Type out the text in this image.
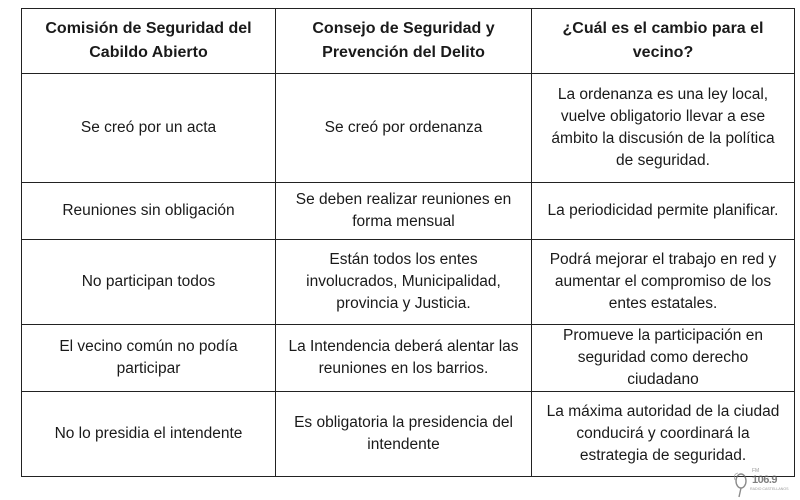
Comisión de Seguridad del Cabildo Abierto	Consejo de Seguridad y Prevención del Delito	¿Cuál es el cambio para el vecino?
Se creó por un acta	Se creó por ordenanza	La ordenanza es una ley local, vuelve obligatorio llevar a ese ámbito la discusión de la política de seguridad.
Reuniones sin obligación	Se deben realizar reuniones en forma mensual	La periodicidad permite planificar.
No participan todos	Están todos los entes involucrados, Municipalidad, provincia y Justicia.	Podrá mejorar el trabajo en red y aumentar el compromiso de los entes estatales.
El vecino común no podía participar	La Intendencia deberá alentar las reuniones en los barrios.	Promueve la participación en seguridad como derecho ciudadano
No lo presidia el intendente	Es obligatoria la presidencia del intendente	La máxima autoridad de la ciudad conducirá y coordinará la estrategia de seguridad.
FM
106.9
RADIO CASTELLANOS
